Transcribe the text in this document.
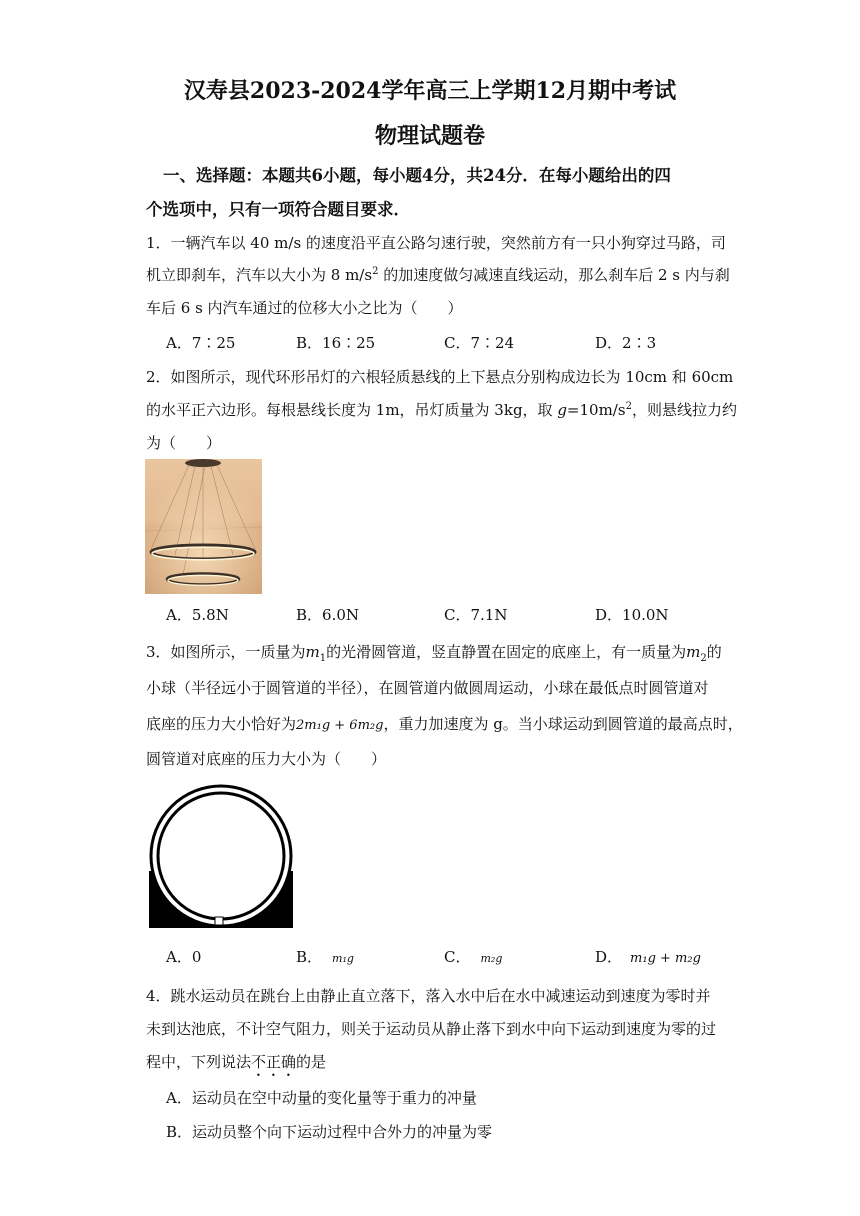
汉寿县2023-2024学年高三上学期12月期中考试
物理试题卷
一、选择题：本题共6小题，每小题4分，共24分．在每小题给出的四
个选项中，只有一项符合题目要求．
1．一辆汽车以 40 m/s 的速度沿平直公路匀速行驶，突然前方有一只小狗穿过马路，司
机立即刹车，汽车以大小为 8 $m/s^2$ 的加速度做匀减速直线运动，那么刹车后 2 s 内与刹
车后 6 s 内汽车通过的位移大小之比为（　　）
A．7∶25	B．16∶25	C．7∶24	D．2∶3
2．如图所示，现代环形吊灯的六根轻质悬线的上下悬点分别构成边长为 10cm 和 60cm
的水平正六边形。每根悬线长度为 1m，吊灯质量为 3kg，取 $g=10m/s^2$，则悬线拉力约
为（　　）
A．5.8N	B．6.0N	C．7.1N	D．10.0N
3．如图所示，一质量为$m_1$的光滑圆管道，竖直静置在固定的底座上，有一质量为$m_2$的
小球（半径远小于圆管道的半径），在圆管道内做圆周运动，小球在最低点时圆管道对
底座的压力大小恰好为2m₁g + 6m₂g，重力加速度为 g。当小球运动到圆管道的最高点时，
圆管道对底座的压力大小为（　　）
A．0	B． m₁g	C． m₂g	D． m₁g + m₂g
4．跳水运动员在跳台上由静止直立落下，落入水中后在水中减速运动到速度为零时并
未到达池底，不计空气阻力，则关于运动员从静止落下到水中向下运动到速度为零的过
程中，下列说法不正确的是
A．运动员在空中动量的变化量等于重力的冲量
B．运动员整个向下运动过程中合外力的冲量为零
